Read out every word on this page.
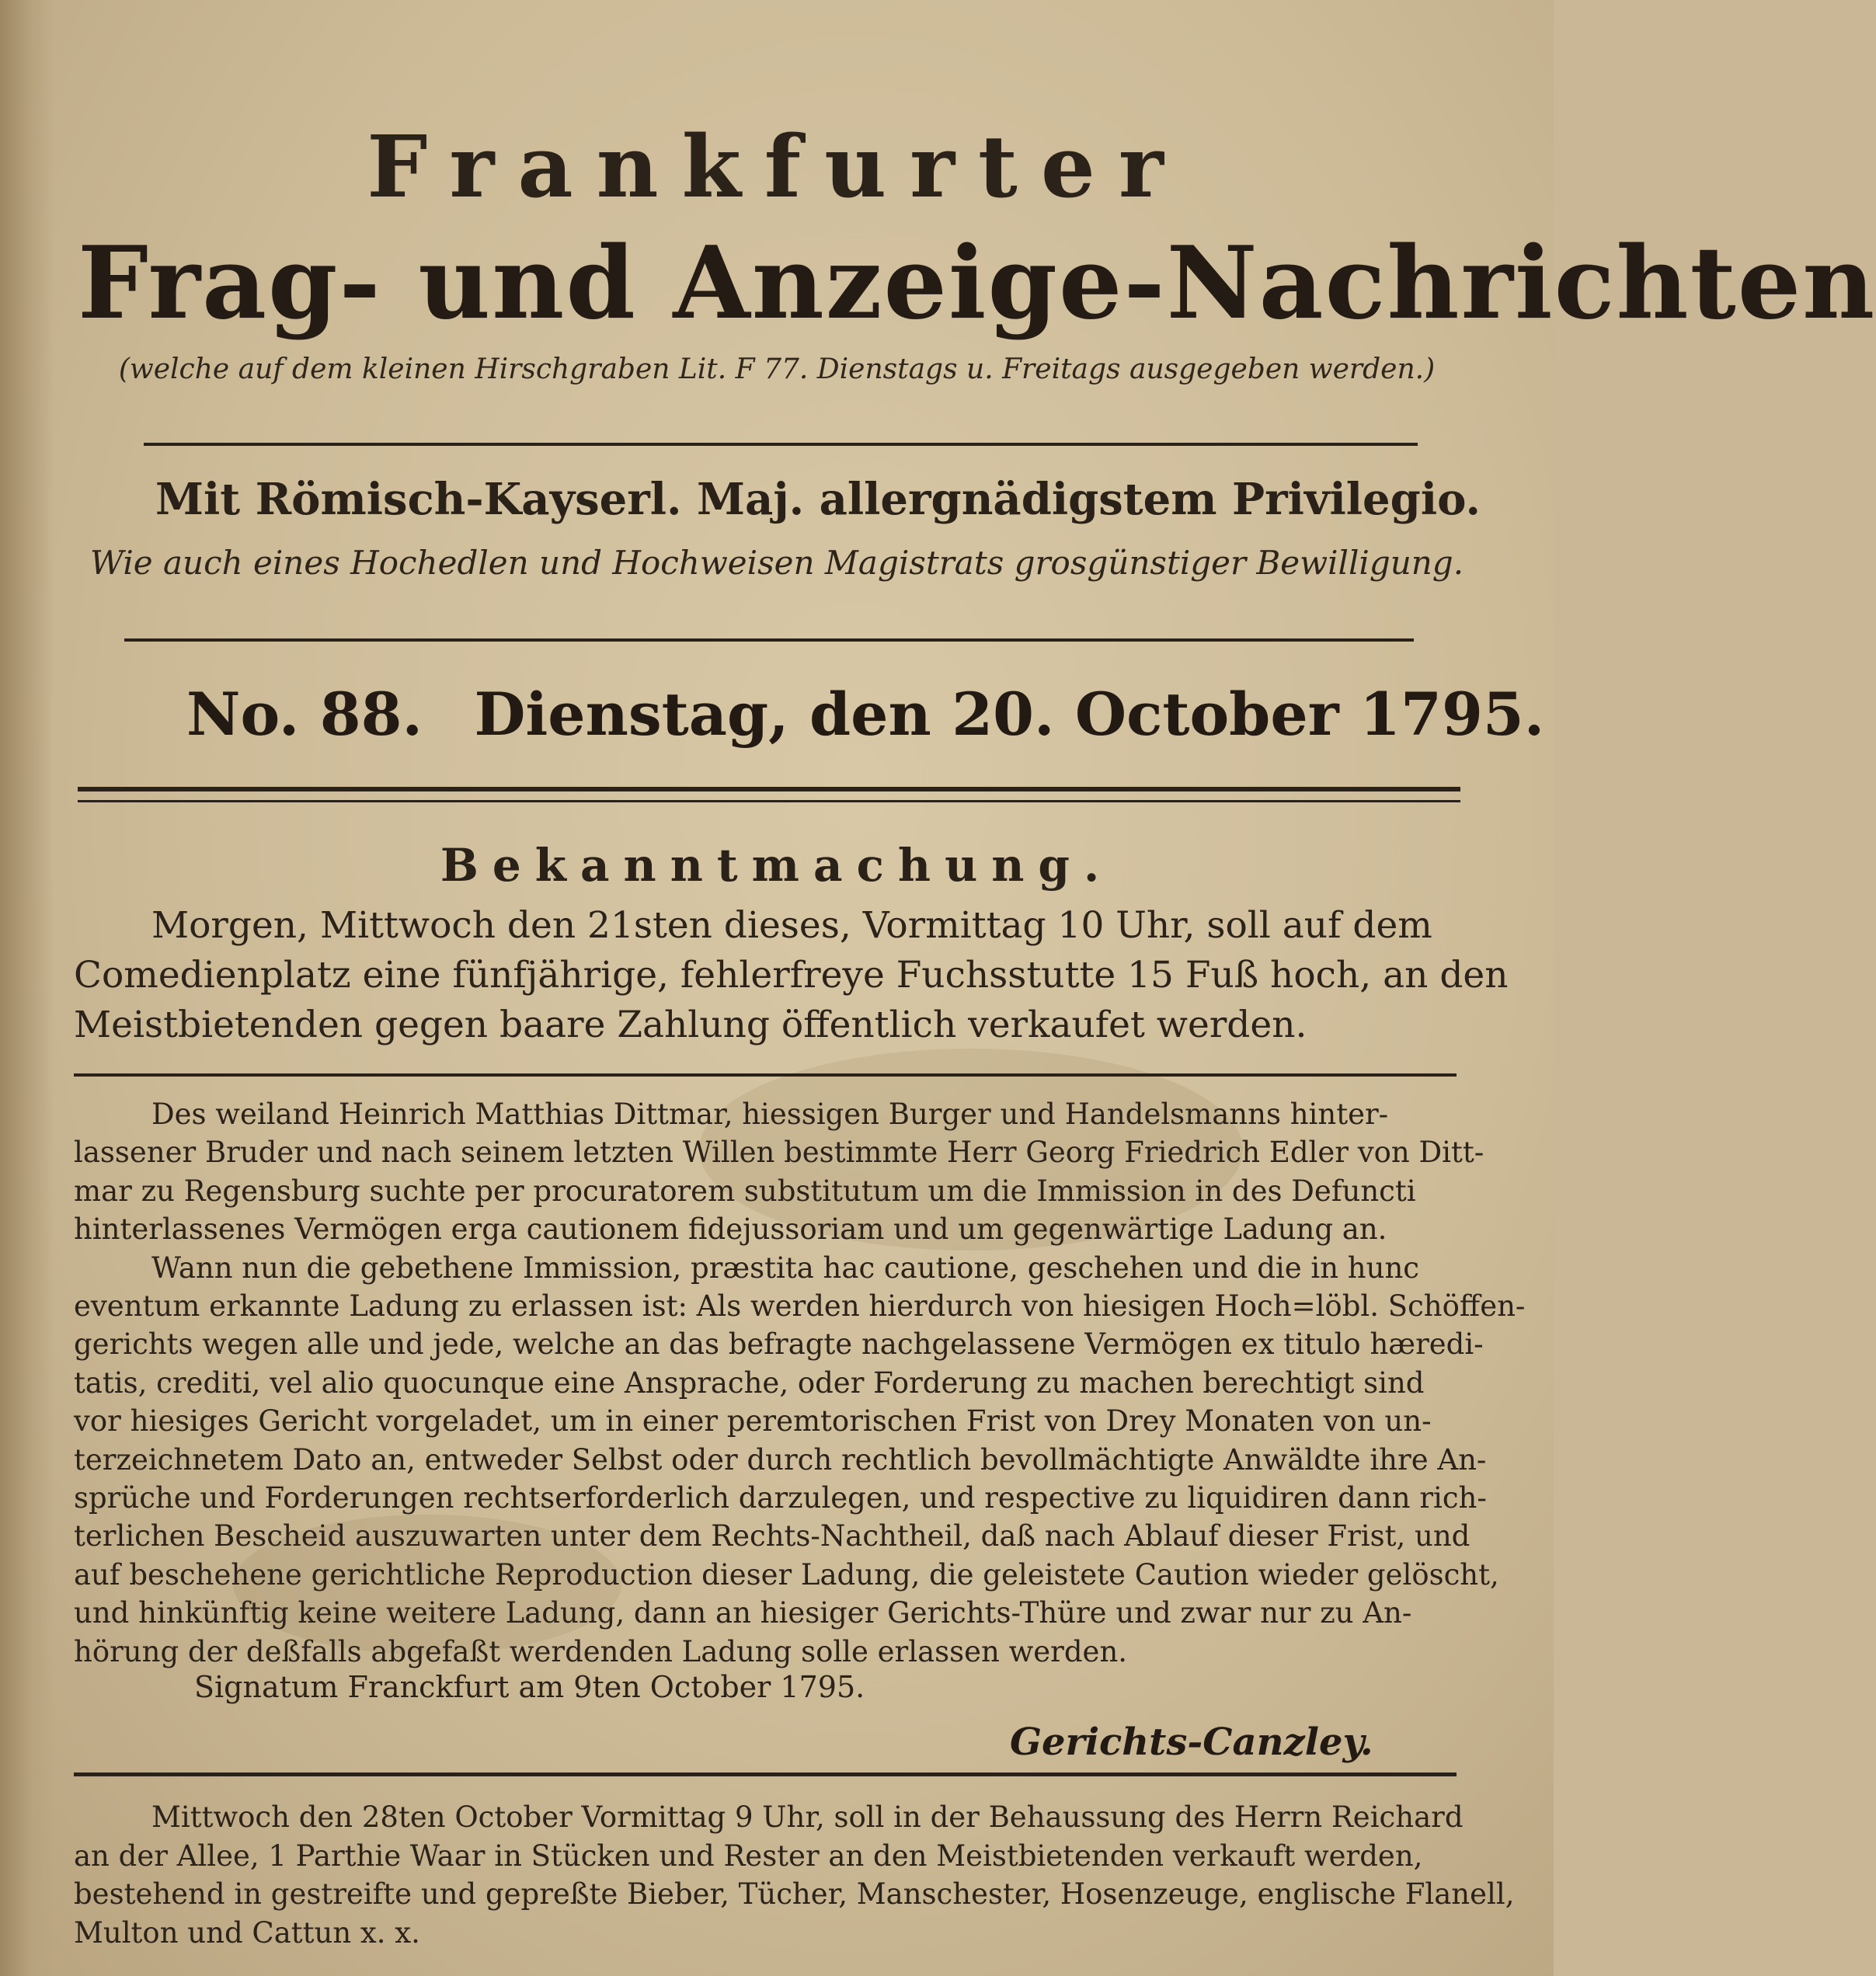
Frankfurter
Frag- und Anzeige-Nachrichten
(welche auf dem kleinen Hirschgraben Lit. F 77. Dienstags u. Freitags ausgegeben werden.)
Mit Römisch-Kayserl. Maj. allergnädigstem Privilegio.
Wie auch eines Hochedlen und Hochweisen Magistrats grosgünstiger Bewilligung.
No. 88. Dienstag, den 20. October 1795.
Bekanntmachung.
Morgen, Mittwoch den 21sten dieses, Vormittag 10 Uhr, soll auf dem
Comedienplatz eine fünfjährige, fehlerfreye Fuchsstutte 15 Fuß hoch, an den
Meistbietenden gegen baare Zahlung öffentlich verkaufet werden.
Des weiland Heinrich Matthias Dittmar, hiessigen Burger und Handelsmanns hinter-
lassener Bruder und nach seinem letzten Willen bestimmte Herr Georg Friedrich Edler von Ditt-
mar zu Regensburg suchte per procuratorem substitutum um die Immission in des Defuncti
hinterlassenes Vermögen erga cautionem fidejussoriam und um gegenwärtige Ladung an.
Wann nun die gebethene Immission, præstita hac cautione, geschehen und die in hunc
eventum erkannte Ladung zu erlassen ist: Als werden hierdurch von hiesigen Hoch=löbl. Schöffen-
gerichts wegen alle und jede, welche an das befragte nachgelassene Vermögen ex titulo hæredi-
tatis, crediti, vel alio quocunque eine Ansprache, oder Forderung zu machen berechtigt sind
vor hiesiges Gericht vorgeladet, um in einer peremtorischen Frist von Drey Monaten von un-
terzeichnetem Dato an, entweder Selbst oder durch rechtlich bevollmächtigte Anwäldte ihre An-
sprüche und Forderungen rechtserforderlich darzulegen, und respective zu liquidiren dann rich-
terlichen Bescheid auszuwarten unter dem Rechts-Nachtheil, daß nach Ablauf dieser Frist, und
auf beschehene gerichtliche Reproduction dieser Ladung, die geleistete Caution wieder gelöscht,
und hinkünftig keine weitere Ladung, dann an hiesiger Gerichts-Thüre und zwar nur zu An-
hörung der deßfalls abgefaßt werdenden Ladung solle erlassen werden.
Signatum Franckfurt am 9ten October 1795.
Gerichts-Canzley.
Mittwoch den 28ten October Vormittag 9 Uhr, soll in der Behaussung des Herrn Reichard
an der Allee, 1 Parthie Waar in Stücken und Rester an den Meistbietenden verkauft werden,
bestehend in gestreifte und gepreßte Bieber, Tücher, Manschester, Hosenzeuge, englische Flanell,
Multon und Cattun x. x.
